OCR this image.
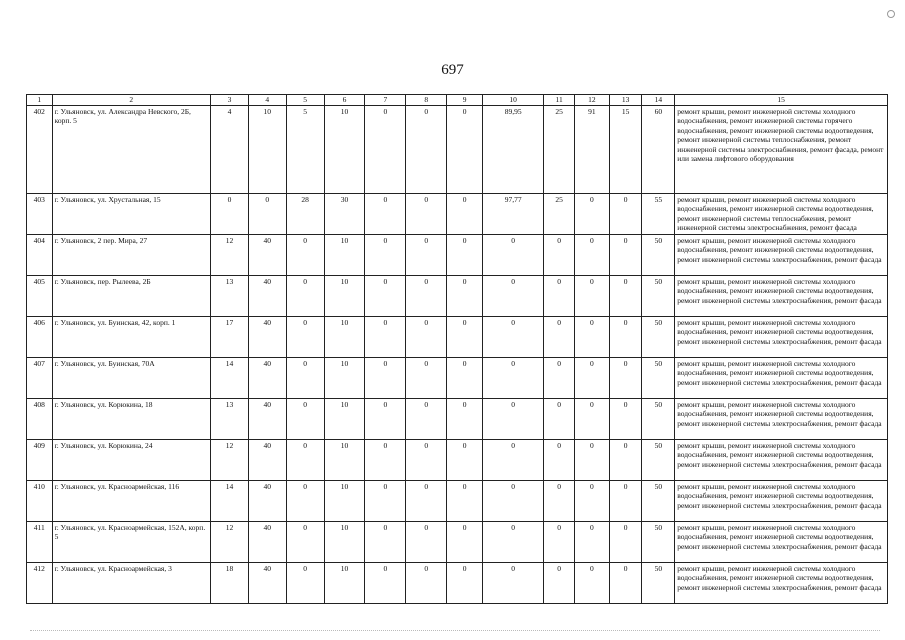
697
1	2	3	4	5	6	7	8	9	10	11	12	13	14	15
402	г. Ульяновск, ул. Александра Невского, 2Б, корп. 5	4	10	5	10	0	0	0	89,95	25	91	15	60	ремонт крыши, ремонт инженерной системы холодного водоснабжения, ремонт инженерной системы горячего водоснабжения, ремонт инженерной системы водоотведения, ремонт инженерной системы теплоснабжения, ремонт инженерной системы электроснабжения, ремонт фасада, ремонт или замена лифтового оборудования
403	г. Ульяновск, ул. Хрустальная, 15	0	0	28	30	0	0	0	97,77	25	0	0	55	ремонт крыши, ремонт инженерной системы холодного водоснабжения, ремонт инженерной системы водоотведения, ремонт инженерной системы теплоснабжения, ремонт инженерной системы электроснабжения, ремонт фасада
404	г. Ульяновск, 2 пер. Мира, 27	12	40	0	10	0	0	0	0	0	0	0	50	ремонт крыши, ремонт инженерной системы холодного водоснабжения, ремонт инженерной системы водоотведения, ремонт инженерной системы электроснабжения, ремонт фасада
405	г. Ульяновск, пер. Рылеева, 2Б	13	40	0	10	0	0	0	0	0	0	0	50	ремонт крыши, ремонт инженерной системы холодного водоснабжения, ремонт инженерной системы водоотведения, ремонт инженерной системы электроснабжения, ремонт фасада
406	г. Ульяновск, ул. Буинская, 42, корп. 1	17	40	0	10	0	0	0	0	0	0	0	50	ремонт крыши, ремонт инженерной системы холодного водоснабжения, ремонт инженерной системы водоотведения, ремонт инженерной системы электроснабжения, ремонт фасада
407	г. Ульяновск, ул. Буинская, 70А	14	40	0	10	0	0	0	0	0	0	0	50	ремонт крыши, ремонт инженерной системы холодного водоснабжения, ремонт инженерной системы водоотведения, ремонт инженерной системы электроснабжения, ремонт фасада
408	г. Ульяновск, ул. Корюкина, 18	13	40	0	10	0	0	0	0	0	0	0	50	ремонт крыши, ремонт инженерной системы холодного водоснабжения, ремонт инженерной системы водоотведения, ремонт инженерной системы электроснабжения, ремонт фасада
409	г. Ульяновск, ул. Корюкина, 24	12	40	0	10	0	0	0	0	0	0	0	50	ремонт крыши, ремонт инженерной системы холодного водоснабжения, ремонт инженерной системы водоотведения, ремонт инженерной системы электроснабжения, ремонт фасада
410	г. Ульяновск, ул. Красноармейская, 116	14	40	0	10	0	0	0	0	0	0	0	50	ремонт крыши, ремонт инженерной системы холодного водоснабжения, ремонт инженерной системы водоотведения, ремонт инженерной системы электроснабжения, ремонт фасада
411	г. Ульяновск, ул. Красноармейская, 152А, корп. 5	12	40	0	10	0	0	0	0	0	0	0	50	ремонт крыши, ремонт инженерной системы холодного водоснабжения, ремонт инженерной системы водоотведения, ремонт инженерной системы электроснабжения, ремонт фасада
412	г. Ульяновск, ул. Красноармейская, 3	18	40	0	10	0	0	0	0	0	0	0	50	ремонт крыши, ремонт инженерной системы холодного водоснабжения, ремонт инженерной системы водоотведения, ремонт инженерной системы электроснабжения, ремонт фасада
